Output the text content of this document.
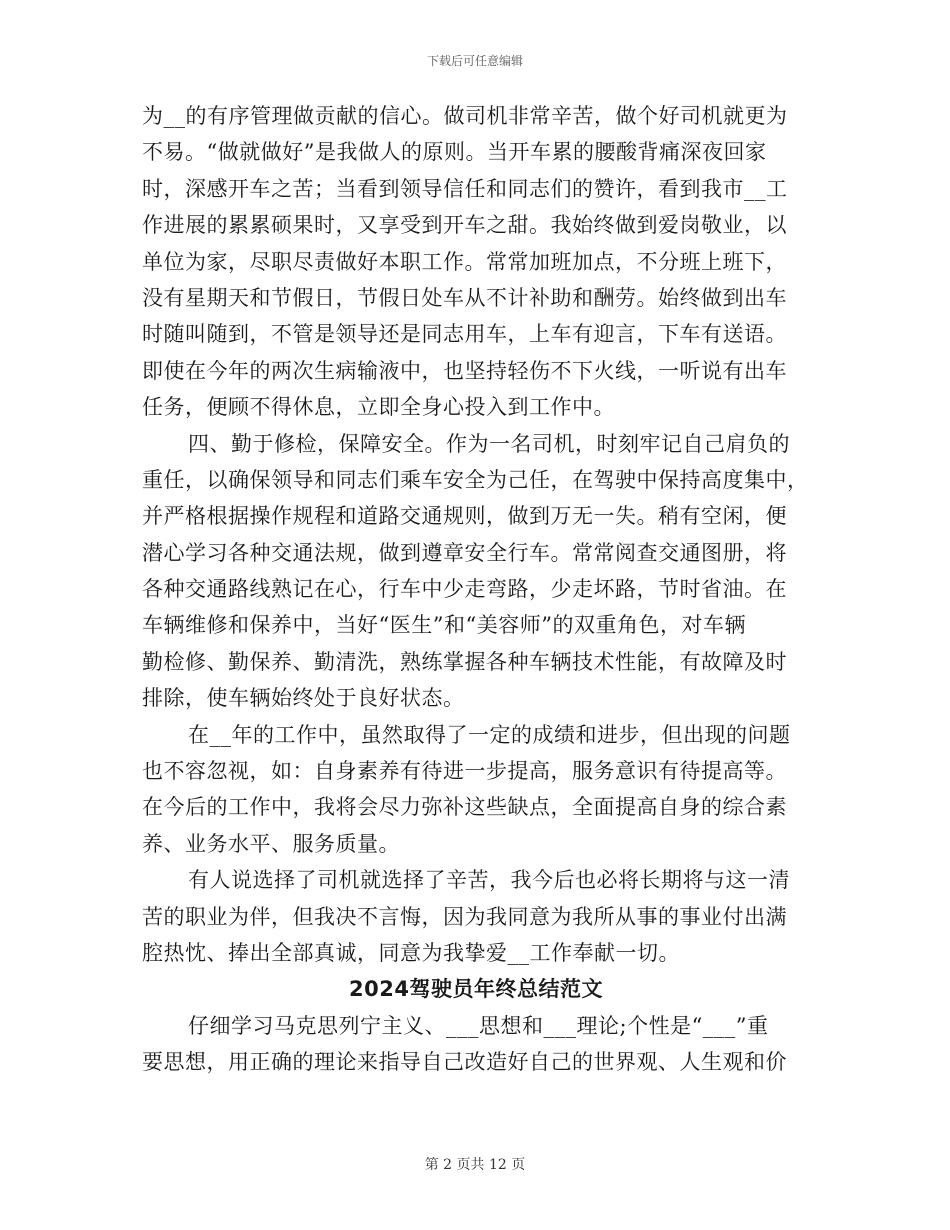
下载后可任意编辑
为__的有序管理做贡献的信心。做司机非常辛苦，做个好司机就更为
不易。“做就做好”是我做人的原则。当开车累的腰酸背痛深夜回家
时，深感开车之苦；当看到领导信任和同志们的赞许，看到我市__工
作进展的累累硕果时，又享受到开车之甜。我始终做到爱岗敬业，以
单位为家，尽职尽责做好本职工作。常常加班加点，不分班上班下，
没有星期天和节假日，节假日处车从不计补助和酬劳。始终做到出车
时随叫随到，不管是领导还是同志用车，上车有迎言，下车有送语。
即使在今年的两次生病输液中，也坚持轻伤不下火线，一听说有出车
任务，便顾不得休息，立即全身心投入到工作中。
四、勤于修检，保障安全。作为一名司机，时刻牢记自己肩负的
重任，以确保领导和同志们乘车安全为己任，在驾驶中保持高度集中，
并严格根据操作规程和道路交通规则，做到万无一失。稍有空闲，便
潜心学习各种交通法规，做到遵章安全行车。常常阅查交通图册，将
各种交通路线熟记在心，行车中少走弯路，少走坏路，节时省油。在
车辆维修和保养中，当好“医生”和“美容师”的双重角色，对车辆
勤检修、勤保养、勤清洗，熟练掌握各种车辆技术性能，有故障及时
排除，使车辆始终处于良好状态。
在__年的工作中，虽然取得了一定的成绩和进步，但出现的问题
也不容忽视，如：自身素养有待进一步提高，服务意识有待提高等。
在今后的工作中，我将会尽力弥补这些缺点，全面提高自身的综合素
养、业务水平、服务质量。
有人说选择了司机就选择了辛苦，我今后也必将长期将与这一清
苦的职业为伴，但我决不言悔，因为我同意为我所从事的事业付出满
腔热忱、捧出全部真诚，同意为我挚爱__工作奉献一切。
2024驾驶员年终总结范文
仔细学习马克思列宁主义、___思想和___理论;个性是“___”重
要思想，用正确的理论来指导自己改造好自己的世界观、人生观和价
第 2 页共 12 页
